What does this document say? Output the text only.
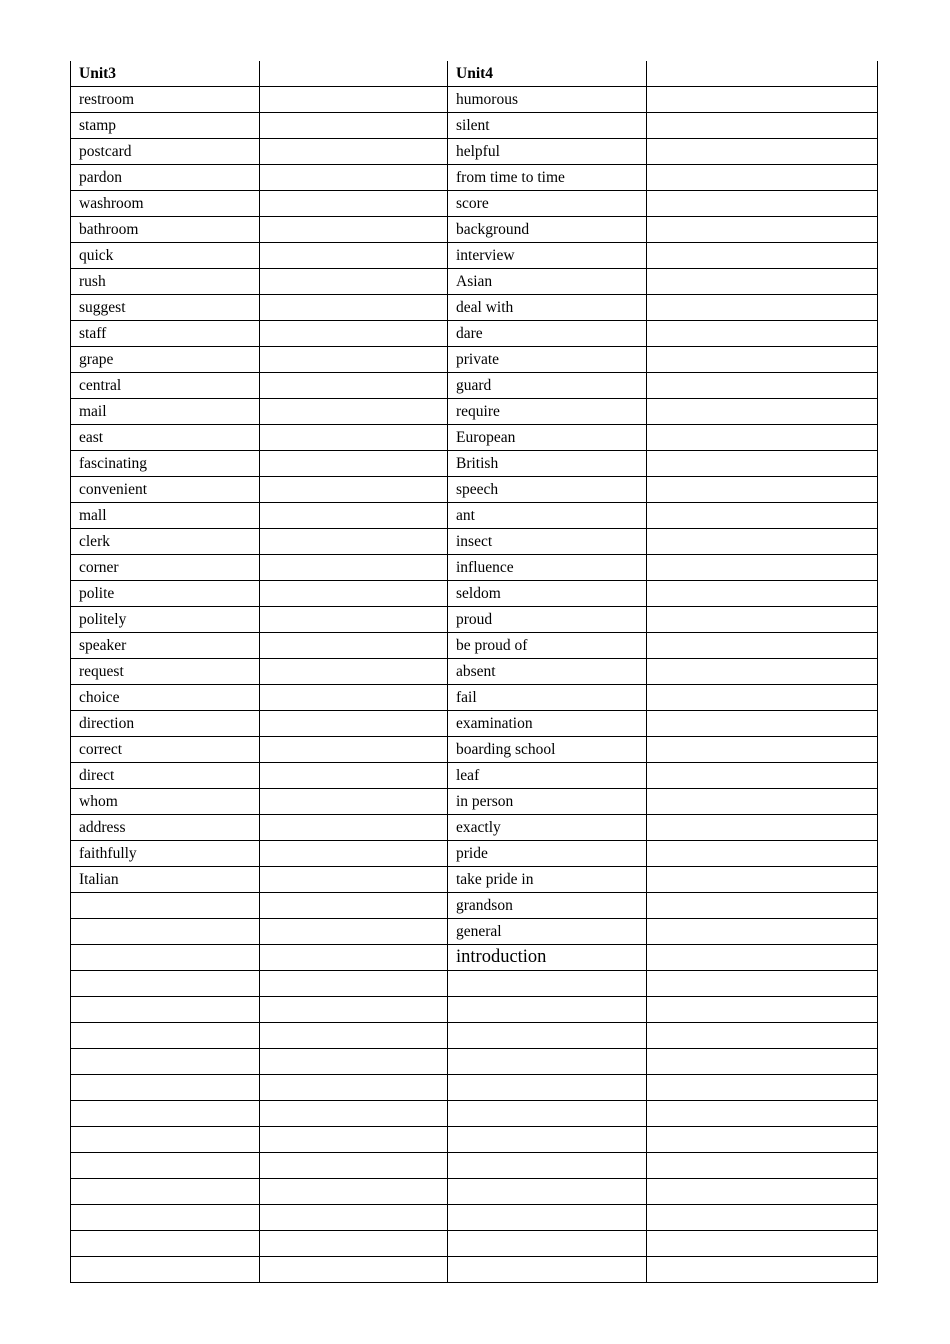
Unit3		Unit4	
restroom		humorous	
stamp		silent	
postcard		helpful	
pardon		from time to time	
washroom		score	
bathroom		background	
quick		interview	
rush		Asian	
suggest		deal with	
staff		dare	
grape		private	
central		guard	
mail		require	
east		European	
fascinating		British	
convenient		speech	
mall		ant	
clerk		insect	
corner		influence	
polite		seldom	
politely		proud	
speaker		be proud of	
request		absent	
choice		fail	
direction		examination	
correct		boarding school	
direct		leaf	
whom		in person	
address		exactly	
faithfully		pride	
Italian		take pride in	
		grandson	
		general	
		introduction	
